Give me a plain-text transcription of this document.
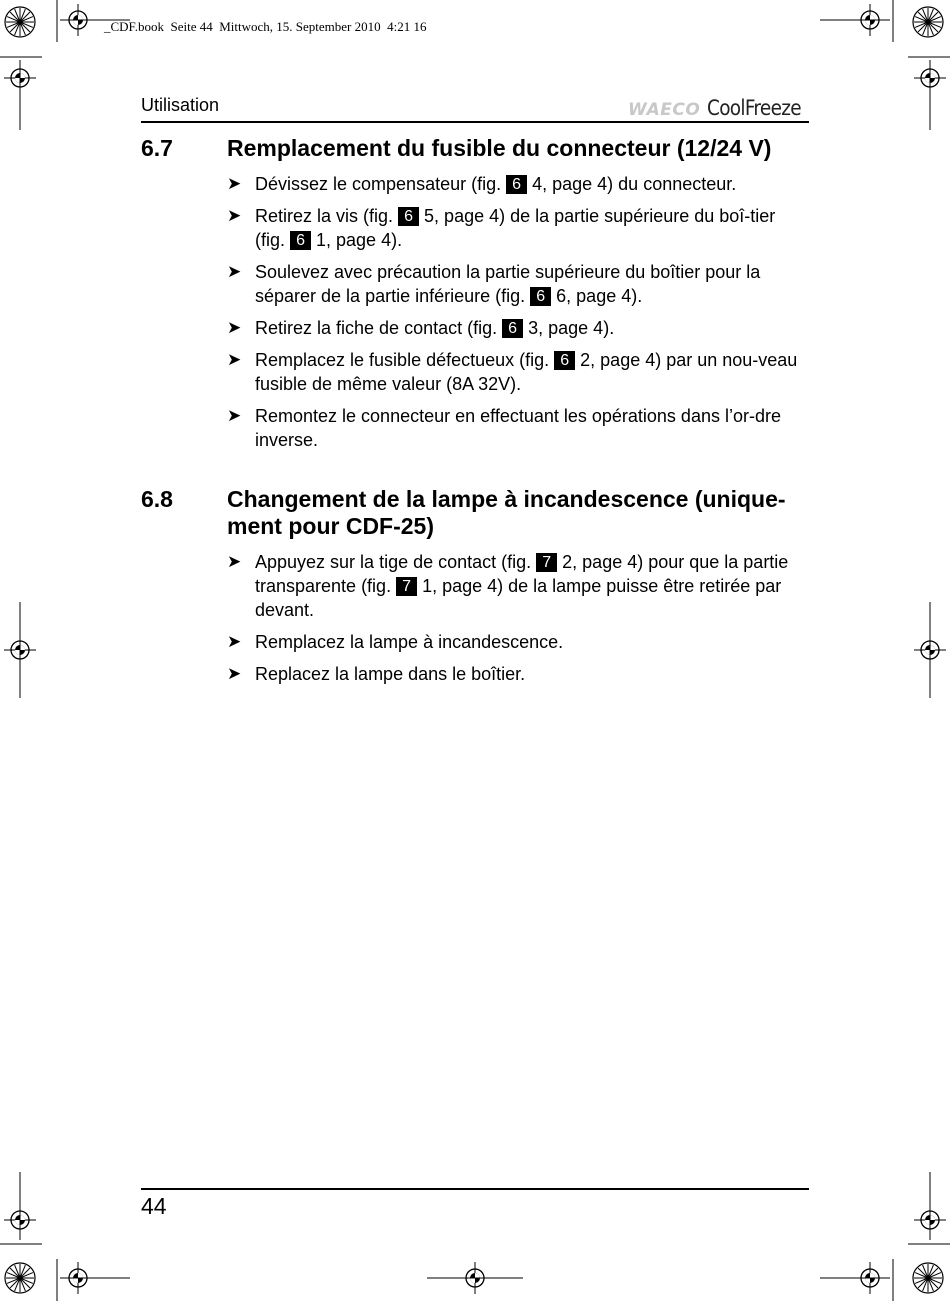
_CDF.book  Seite 44  Mittwoch, 15. September 2010  4:21 16
Utilisation	WAECO CoolFreeze
6.7 Remplacement du fusible du connecteur (12/24 V)
➤ Dévissez le compensateur (fig. 6 4, page 4) du connecteur.
➤ Retirez la vis (fig. 6 5, page 4) de la partie supérieure du boî-tier (fig. 6 1, page 4).
➤ Soulevez avec précaution la partie supérieure du boîtier pour la séparer de la partie inférieure (fig. 6 6, page 4).
➤ Retirez la fiche de contact (fig. 6 3, page 4).
➤ Remplacez le fusible défectueux (fig. 6 2, page 4) par un nou-veau fusible de même valeur (8A 32V).
➤ Remontez le connecteur en effectuant les opérations dans l’or-dre inverse.
6.8 Changement de la lampe à incandescence (unique-ment pour CDF-25)
➤ Appuyez sur la tige de contact (fig. 7 2, page 4) pour que la partie transparente (fig. 7 1, page 4) de la lampe puisse être retirée par devant.
➤ Remplacez la lampe à incandescence.
➤ Replacez la lampe dans le boîtier.
44
